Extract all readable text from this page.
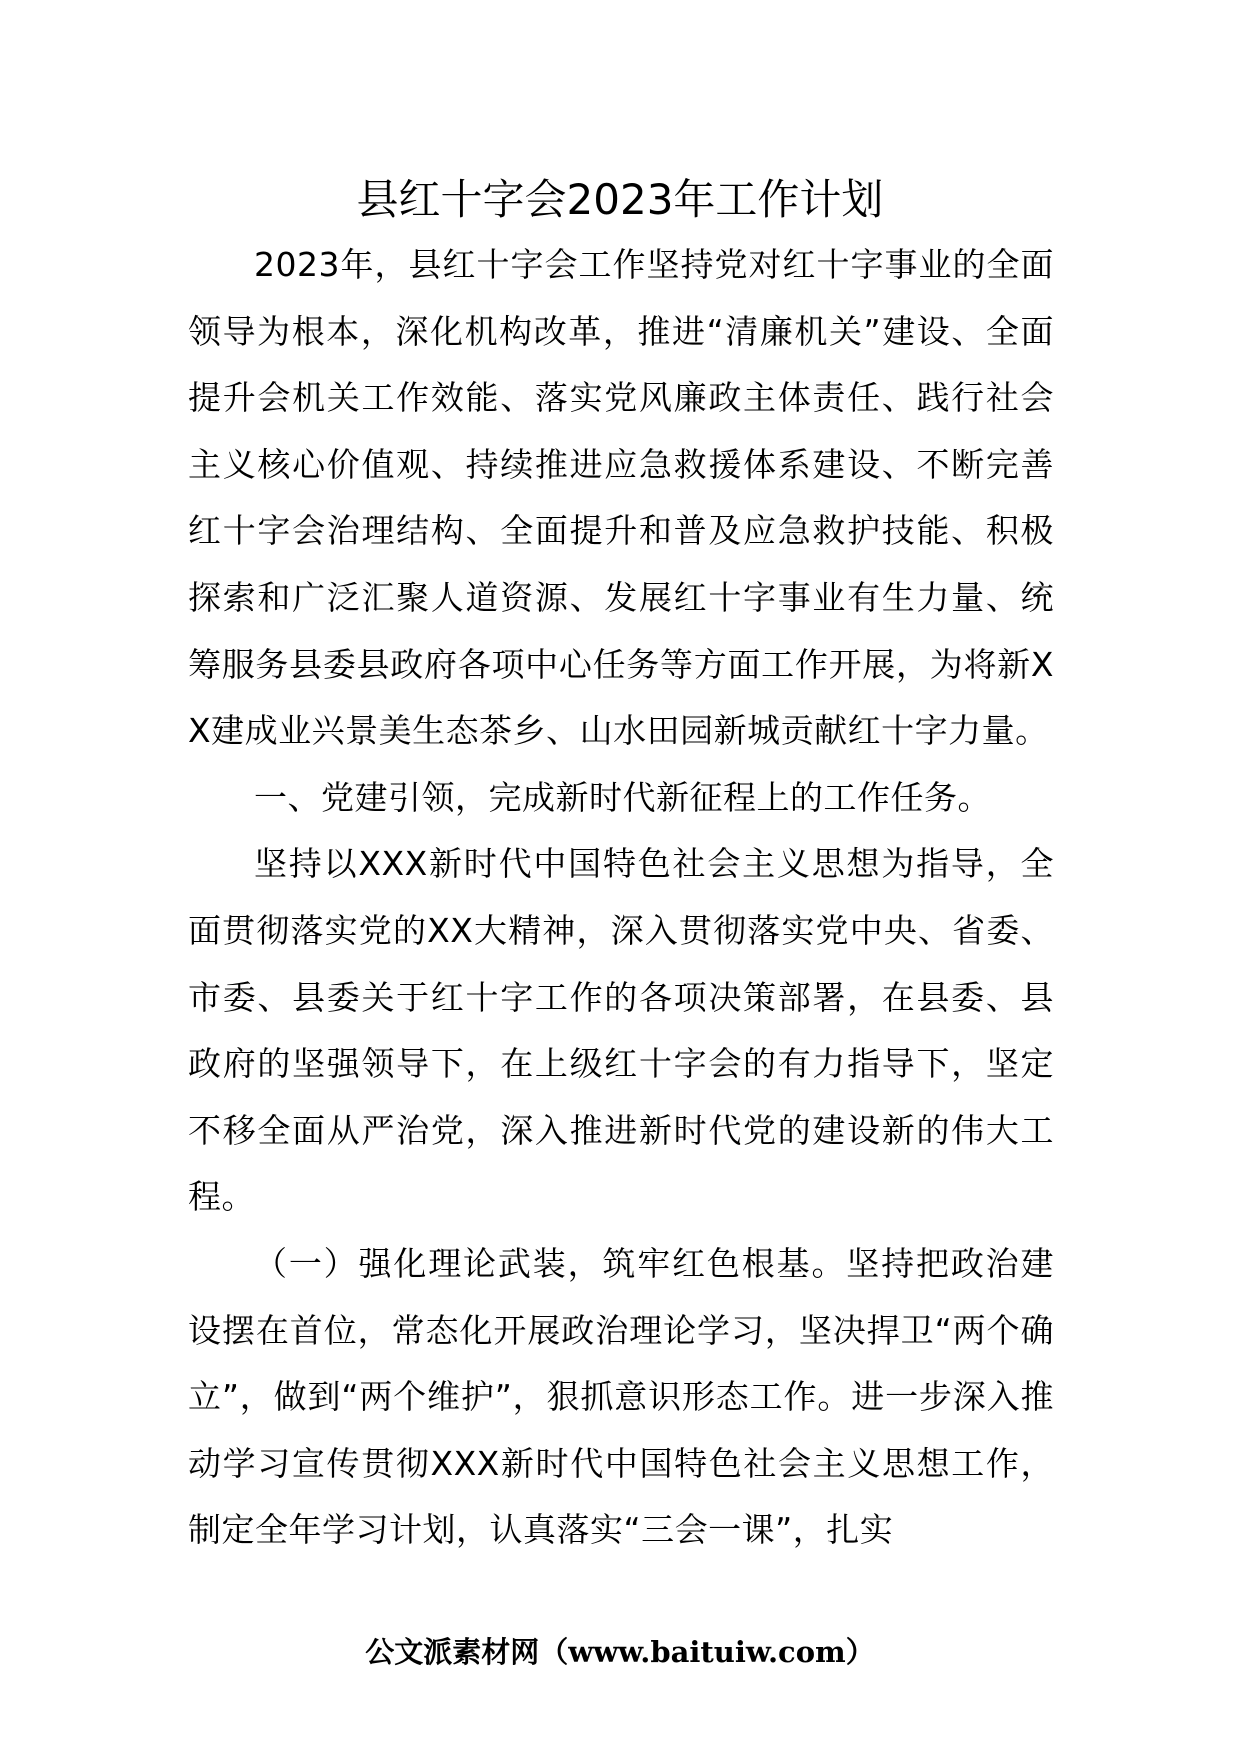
县红十字会2023年工作计划

2023年，县红十字会工作坚持党对红十字事业的全面领导为根本，深化机构改革，推进“清廉机关”建设、全面提升会机关工作效能、落实党风廉政主体责任、践行社会主义核心价值观、持续推进应急救援体系建设、不断完善红十字会治理结构、全面提升和普及应急救护技能、积极探索和广泛汇聚人道资源、发展红十字事业有生力量、统筹服务县委县政府各项中心任务等方面工作开展，为将新XX建成业兴景美生态茶乡、山水田园新城贡献红十字力量。

一、党建引领，完成新时代新征程上的工作任务。

坚持以XXX新时代中国特色社会主义思想为指导，全面贯彻落实党的XX大精神，深入贯彻落实党中央、省委、市委、县委关于红十字工作的各项决策部署，在县委、县政府的坚强领导下，在上级红十字会的有力指导下，坚定不移全面从严治党，深入推进新时代党的建设新的伟大工程。

（一）强化理论武装，筑牢红色根基。坚持把政治建设摆在首位，常态化开展政治理论学习，坚决捍卫“两个确立”，做到“两个维护”，狠抓意识形态工作。进一步深入推动学习宣传贯彻XXX新时代中国特色社会主义思想工作，制定全年学习计划，认真落实“三会一课”，扎实

公文派素材网（www.baituiw.com）
